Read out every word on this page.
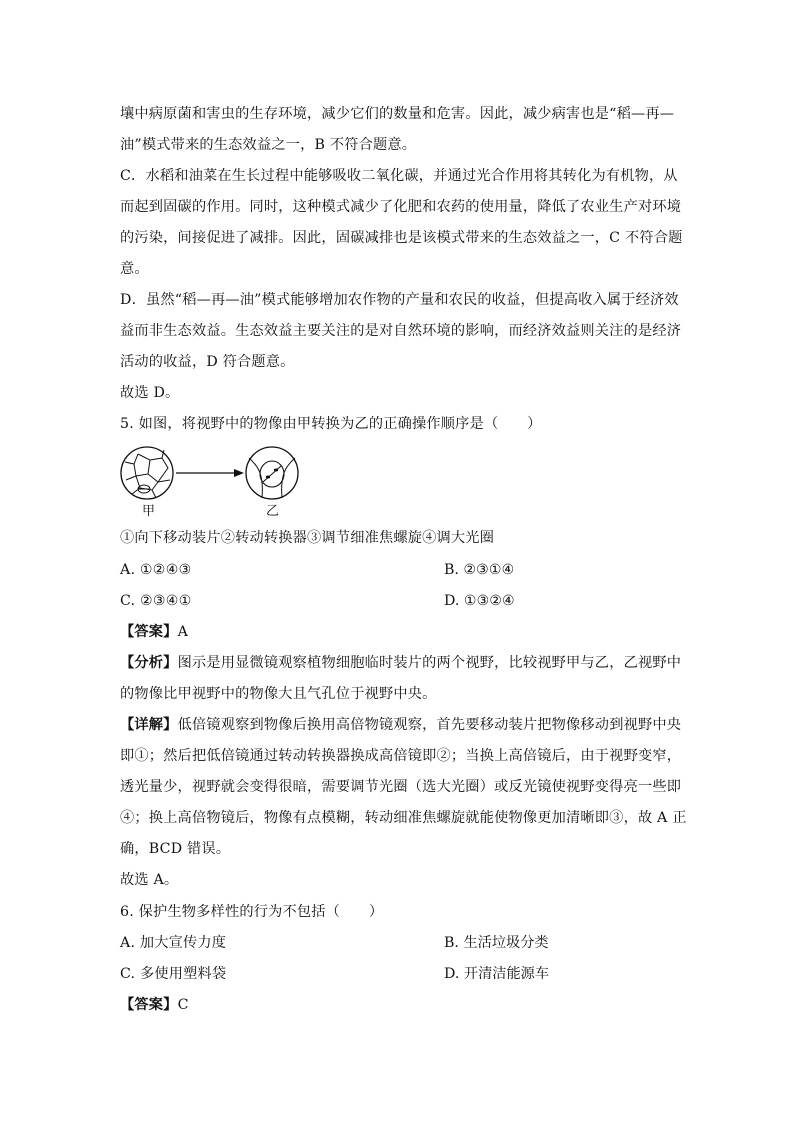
壤中病原菌和害虫的生存环境，减少它们的数量和危害。因此，减少病害也是“稻—再—
油”模式带来的生态效益之一，B 不符合题意。
C．水稻和油菜在生长过程中能够吸收二氧化碳，并通过光合作用将其转化为有机物，从
而起到固碳的作用。同时，这种模式减少了化肥和农药的使用量，降低了农业生产对环境
的污染，间接促进了减排。因此，固碳减排也是该模式带来的生态效益之一，C 不符合题
意。
D．虽然“稻—再—油”模式能够增加农作物的产量和农民的收益，但提高收入属于经济效
益而非生态效益。生态效益主要关注的是对自然环境的影响，而经济效益则关注的是经济
活动的收益，D 符合题意。
故选 D。
5. 如图，将视野中的物像由甲转换为乙的正确操作顺序是（　　）
甲	乙
①向下移动装片②转动转换器③调节细准焦螺旋④调大光圈
A. ①②④③	B. ②③①④
C. ②③④①	D. ①③②④
【答案】A
【分析】图示是用显微镜观察植物细胞临时装片的两个视野，比较视野甲与乙，乙视野中
的物像比甲视野中的物像大且气孔位于视野中央。
【详解】低倍镜观察到物像后换用高倍物镜观察，首先要移动装片把物像移动到视野中央
即①；然后把低倍镜通过转动转换器换成高倍镜即②；当换上高倍镜后，由于视野变窄，
透光量少，视野就会变得很暗，需要调节光圈（选大光圈）或反光镜使视野变得亮一些即
④；换上高倍物镜后，物像有点模糊，转动细准焦螺旋就能使物像更加清晰即③，故 A 正
确，BCD 错误。
故选 A。
6. 保护生物多样性的行为不包括（　　）
A. 加大宣传力度	B. 生活垃圾分类
C. 多使用塑料袋	D. 开清洁能源车
【答案】C
